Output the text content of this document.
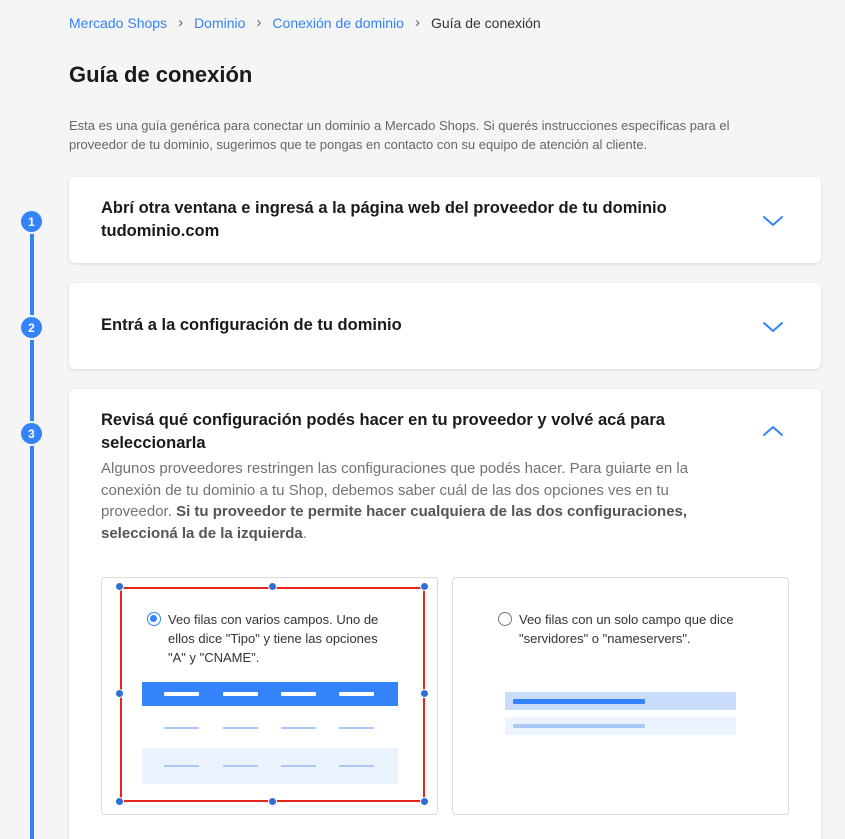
Mercado Shops › Dominio › Conexión de dominio › Guía de conexión
Guía de conexión

Esta es una guía genérica para conectar un dominio a Mercado Shops. Si querés instrucciones específicas para el proveedor de tu dominio, sugerimos que te pongas en contacto con su equipo de atención al cliente.

Abrí otra ventana e ingresá a la página web del proveedor de tu dominio
tudominio.com
1
Entrá a la configuración de tu dominio
2
Revisá qué configuración podés hacer en tu proveedor y volvé acá para
seleccionarla

Algunos proveedores restringen las configuraciones que podés hacer. Para guiarte en la conexión de tu dominio a tu Shop, debemos saber cuál de las dos opciones ves en tu proveedor. Si tu proveedor te permite hacer cualquiera de las dos configuraciones, seleccioná la de la izquierda.

Veo filas con varios campos. Uno de ellos dice "Tipo" y tiene las opciones "A" y "CNAME".
Veo filas con un solo campo que dice "servidores" o "nameservers".
3
